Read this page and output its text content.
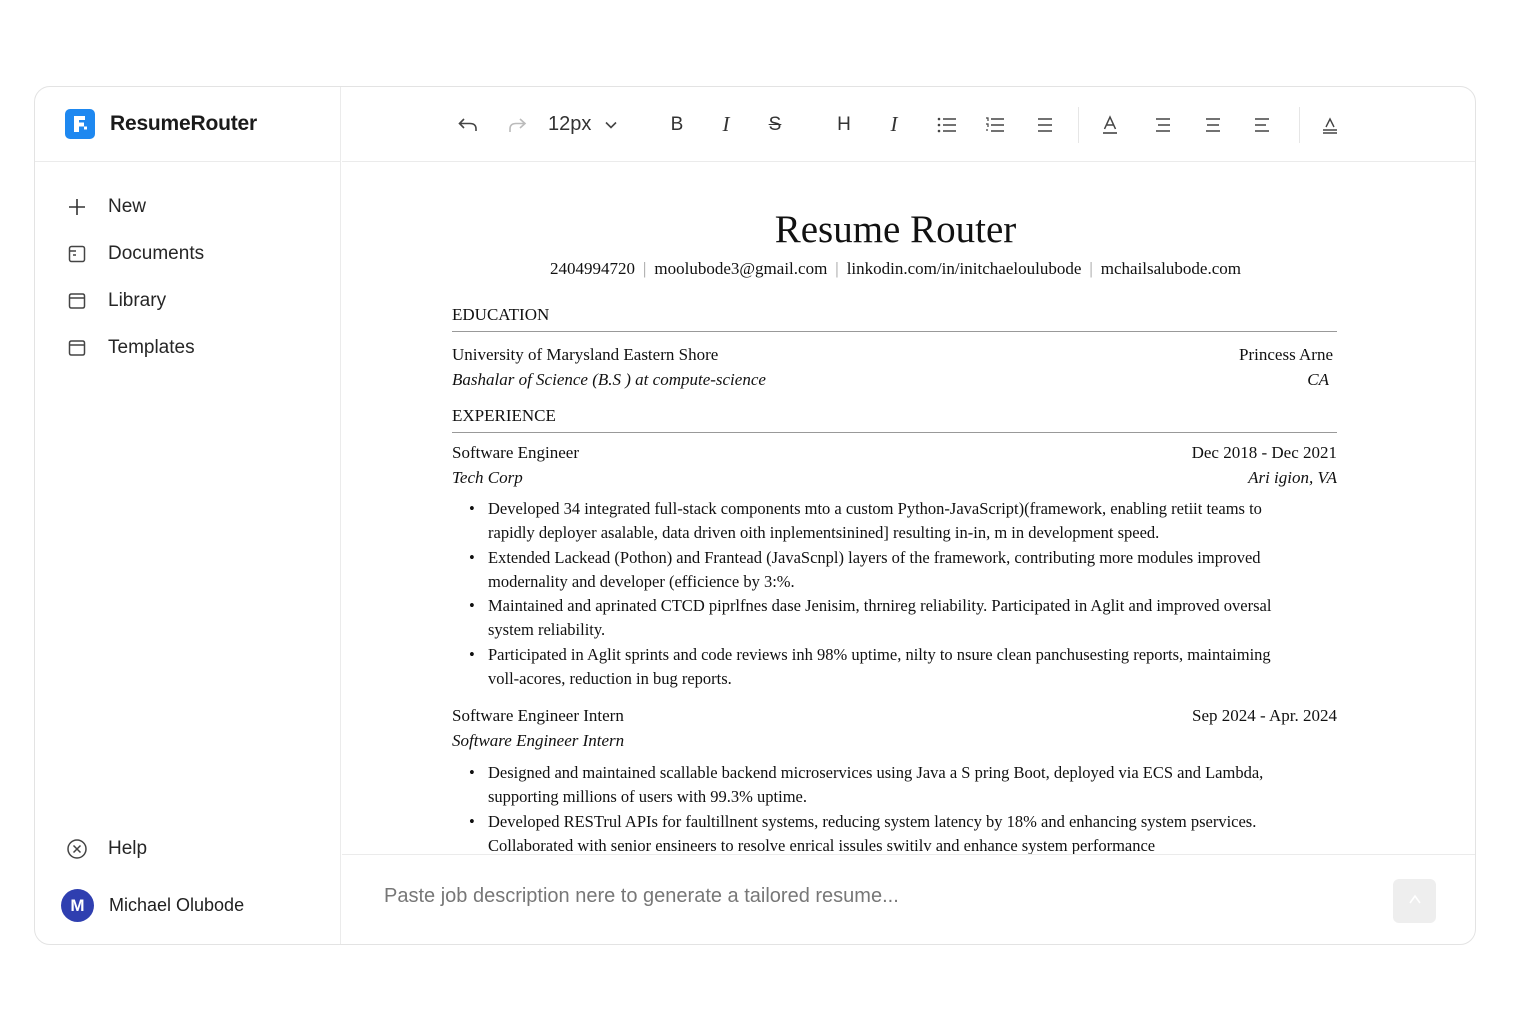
ResumeRouter
New
Documents
Library
Templates
Help
M	Michael Olubode
12px	B I S	H I
Resume Router
2404994720 | moolubode3@gmail.com | linkodin.com/in/initchaeloulubode | mchailsalubode.com
EDUCATION
University of Marysland Eastern Shore	Princess Arne
Bashalar of Science (B.S ) at compute-science	CA
EXPERIENCE
Software Engineer	Dec 2018 - Dec 2021
Tech Corp	Ari igion, VA
• Developed 34 integrated full-stack components mto a custom Python-JavaScript)(framework, enabling retiit teams to rapidly deployer asalable, data driven oith inplementsinined] resulting in-in, m in development speed.
• Extended Lackead (Pothon) and Frantead (JavaScnpl) layers of the framework, contributing more modules improved modernality and developer (efficience by 3:%.
• Maintained and aprinated CTCD piprlfnes dase Jenisim, thrnireg reliability. Participated in Aglit and improved oversal system reliability.
• Participated in Aglit sprints and code reviews inh 98% uptime, nilty to nsure clean panchusesting reports, maintaiming voll-acores, reduction in bug reports.
Software Engineer Intern	Sep 2024 - Apr. 2024
Software Engineer Intern
• Designed and maintained scallable backend microservices using Java a S pring Boot, deployed via ECS and Lambda, supporting millions of users with 99.3% uptime.
• Developed RESTrul APIs for faultillnent systems, reducing system latency by 18% and enhancing system pservices. Collaborated with senior ensineers to resolve enrical issules switilv and enhance system performance
Paste job description nere to generate a tailored resume...
